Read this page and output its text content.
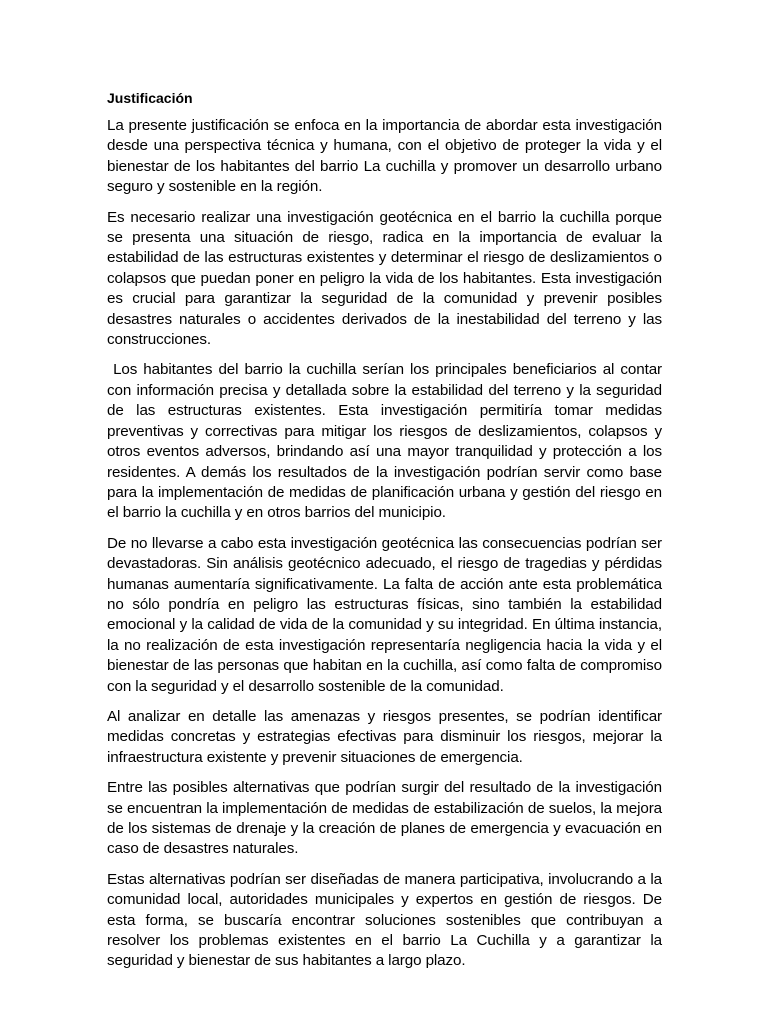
Justificación

La presente justificación se enfoca en la importancia de abordar esta investigación desde una perspectiva técnica y humana, con el objetivo de proteger la vida y el bienestar de los habitantes del barrio La cuchilla y promover un desarrollo urbano seguro y sostenible en la región.

Es necesario realizar una investigación geotécnica en el barrio la cuchilla porque se presenta una situación de riesgo, radica en la importancia de evaluar la estabilidad de las estructuras existentes y determinar el riesgo de deslizamientos o colapsos que puedan poner en peligro la vida de los habitantes. Esta investigación es crucial para garantizar la seguridad de la comunidad y prevenir posibles desastres naturales o accidentes derivados de la inestabilidad del terreno y las construcciones.

Los habitantes del barrio la cuchilla serían los principales beneficiarios al contar con información precisa y detallada sobre la estabilidad del terreno y la seguridad de las estructuras existentes. Esta investigación permitiría tomar medidas preventivas y correctivas para mitigar los riesgos de deslizamientos, colapsos y otros eventos adversos, brindando así una mayor tranquilidad y protección a los residentes. A demás los resultados de la investigación podrían servir como base para la implementación de medidas de planificación urbana y gestión del riesgo en el barrio la cuchilla y en otros barrios del municipio.

De no llevarse a cabo esta investigación geotécnica las consecuencias podrían ser devastadoras. Sin análisis geotécnico adecuado, el riesgo de tragedias y pérdidas humanas aumentaría significativamente. La falta de acción ante esta problemática no sólo pondría en peligro las estructuras físicas, sino también la estabilidad emocional y la calidad de vida de la comunidad y su integridad. En última instancia, la no realización de esta investigación representaría negligencia hacia la vida y el bienestar de las personas que habitan en la cuchilla, así como falta de compromiso con la seguridad y el desarrollo sostenible de la comunidad.

Al analizar en detalle las amenazas y riesgos presentes, se podrían identificar medidas concretas y estrategias efectivas para disminuir los riesgos, mejorar la infraestructura existente y prevenir situaciones de emergencia.

Entre las posibles alternativas que podrían surgir del resultado de la investigación se encuentran la implementación de medidas de estabilización de suelos, la mejora de los sistemas de drenaje y la creación de planes de emergencia y evacuación en caso de desastres naturales.

Estas alternativas podrían ser diseñadas de manera participativa, involucrando a la comunidad local, autoridades municipales y expertos en gestión de riesgos. De esta forma, se buscaría encontrar soluciones sostenibles que contribuyan a resolver los problemas existentes en el barrio La Cuchilla y a garantizar la seguridad y bienestar de sus habitantes a largo plazo.
